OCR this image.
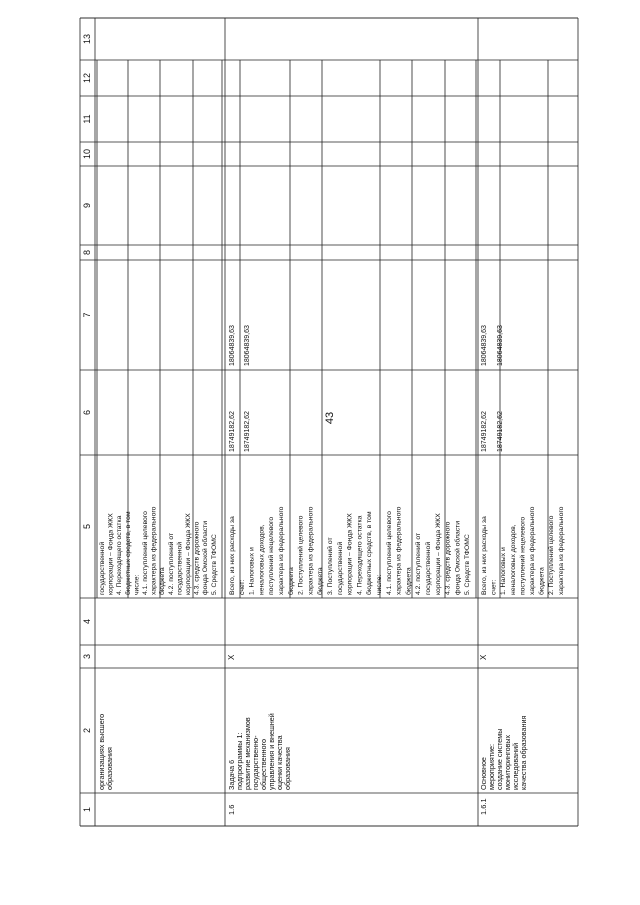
43
1
2
3
4
5
6
7
8
9
10
11
12
13
организациях высшего образования
государственной корпорации – Фонда ЖКХ 4. Переходящего остатка бюджетных средств, в том числе: 4.1. поступлений целевого характера из федерального бюджета 4.2. поступлений от государственной корпорации – Фонда ЖКХ 4.3. средств дорожного фонда Омской области 5. Средств ТФОМС
1.6
Задача 6 подпрограммы 1: развитие механизмов государственно- общественного управления и внешней оценки качества образования
X
Всего, из них расходы за счет: 1. Налоговых и неналоговых доходов, поступлений нецелевого характера из федерального бюджета 2. Поступлений целевого характера из федерального бюджета 3. Поступлений от государственной корпорации – Фонда ЖКХ 4. Переходящего остатка бюджетных средств, в том числе: 4.1. поступлений целевого характера из федерального бюджета 4.2. поступлений от государственной корпорации – Фонда ЖКХ 4.3. средств дорожного фонда Омской области 5. Средств ТФОМС
18749182,62
18064839,63
18749182,62
18064839,63
1.6.1
Основное мероприятие: создание системы мониторинговых исследований качества образования
X
Всего, из них расходы за счет: 1. Налоговых и неналоговых доходов, поступлений нецелевого характера из федерального бюджета 2. Поступлений целевого характера из федерального
18749182,62
18064839,63
18749182,62
18064839,63
